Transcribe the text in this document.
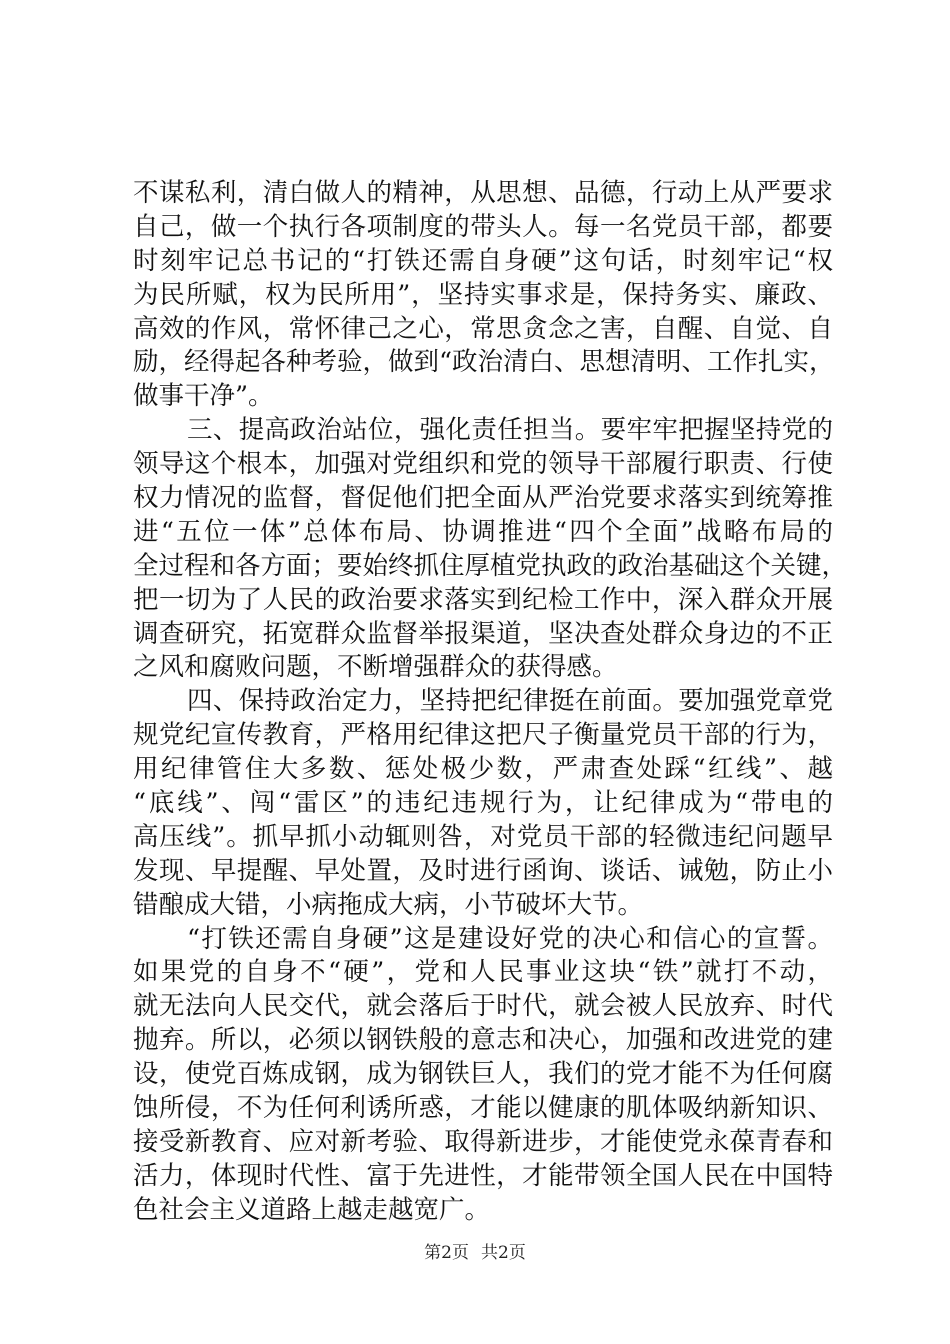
不谋私利，清白做人的精神，从思想、品德，行动上从严要求
自己，做一个执行各项制度的带头人。每一名党员干部，都要
时刻牢记总书记的“打铁还需自身硬”这句话，时刻牢记“权
为民所赋，权为民所用”，坚持实事求是，保持务实、廉政、
高效的作风，常怀律己之心，常思贪念之害，自醒、自觉、自
励，经得起各种考验，做到“政治清白、思想清明、工作扎实，
做事干净”。
三、提高政治站位，强化责任担当。要牢牢把握坚持党的
领导这个根本，加强对党组织和党的领导干部履行职责、行使
权力情况的监督，督促他们把全面从严治党要求落实到统筹推
进“五位一体”总体布局、协调推进“四个全面”战略布局的
全过程和各方面；要始终抓住厚植党执政的政治基础这个关键，
把一切为了人民的政治要求落实到纪检工作中，深入群众开展
调查研究，拓宽群众监督举报渠道，坚决查处群众身边的不正
之风和腐败问题，不断增强群众的获得感。
四、保持政治定力，坚持把纪律挺在前面。要加强党章党
规党纪宣传教育，严格用纪律这把尺子衡量党员干部的行为，
用纪律管住大多数、惩处极少数，严肃查处踩“红线”、越
“底线”、闯“雷区”的违纪违规行为，让纪律成为“带电的
高压线”。抓早抓小动辄则咎，对党员干部的轻微违纪问题早
发现、早提醒、早处置，及时进行函询、谈话、诫勉，防止小
错酿成大错，小病拖成大病，小节破坏大节。
“打铁还需自身硬”这是建设好党的决心和信心的宣誓。
如果党的自身不“硬”，党和人民事业这块“铁”就打不动，
就无法向人民交代，就会落后于时代，就会被人民放弃、时代
抛弃。所以，必须以钢铁般的意志和决心，加强和改进党的建
设，使党百炼成钢，成为钢铁巨人，我们的党才能不为任何腐
蚀所侵，不为任何利诱所惑，才能以健康的肌体吸纳新知识、
接受新教育、应对新考验、取得新进步，才能使党永葆青春和
活力，体现时代性、富于先进性，才能带领全国人民在中国特
色社会主义道路上越走越宽广。
第2页 共2页
